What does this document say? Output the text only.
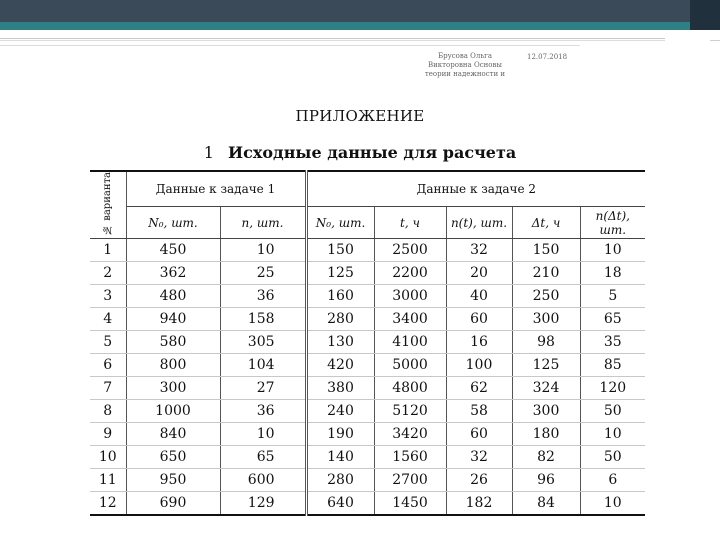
Брусова Ольга Викторовна Основы теории надежности и
12.07.2018
ПРИЛОЖЕНИЕ
1 Исходные данные для расчета
№ варианта	Данные к задаче 1		Данные к задаче 2				
	N₀, шт.	n, шт.	N₀, шт.	t, ч	n(t), шт.	Δt, ч	n(Δt), шт.
1	450	10	150	2500	32	150	10
2	362	25	125	2200	20	210	18
3	480	36	160	3000	40	250	5
4	940	158	280	3400	60	300	65
5	580	305	130	4100	16	98	35
6	800	104	420	5000	100	125	85
7	300	27	380	4800	62	324	120
8	1000	36	240	5120	58	300	50
9	840	10	190	3420	60	180	10
10	650	65	140	1560	32	82	50
11	950	600	280	2700	26	96	6
12	690	129	640	1450	182	84	10
